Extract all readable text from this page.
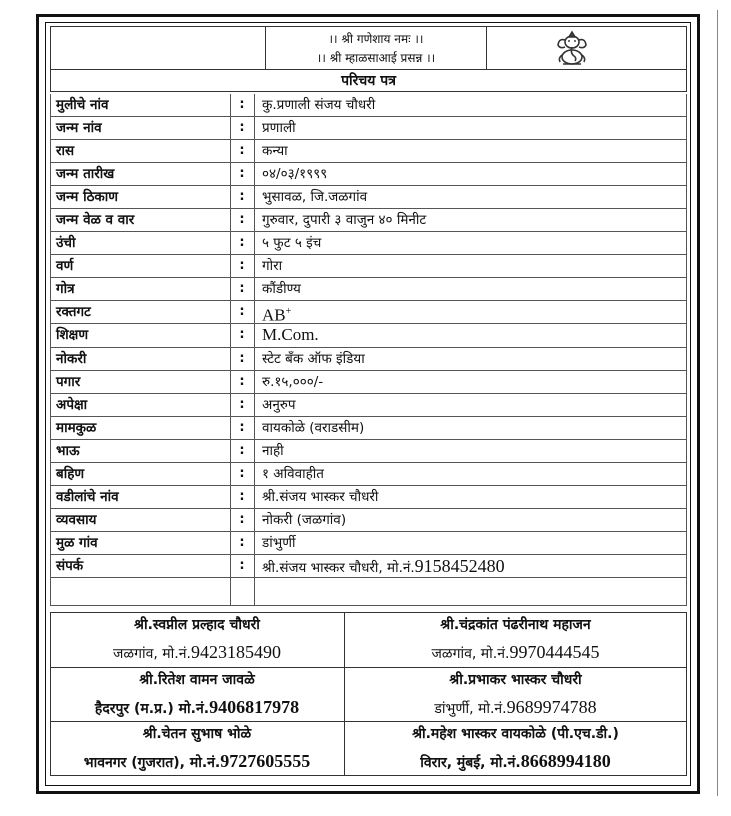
।। श्री गणेशाय नमः ।।
।। श्री म्हाळसाआई प्रसन्न ।।
परिचय पत्र
मुलीचे नांव	: कु.प्रणाली संजय चौधरी
जन्म नांव	: प्रणाली
रास	: कन्या
जन्म तारीख	: ०४/०३/१९९९
जन्म ठिकाण	: भुसावळ, जि.जळगांव
जन्म वेळ व वार	: गुरुवार, दुपारी ३ वाजुन ४० मिनीट
उंची	: ५ फुट ५ इंच
वर्ण	: गोरा
गोत्र	: कौंडीण्य
रक्तगट	: AB+
शिक्षण	: M.Com.
नोकरी	: स्टेट बँक ऑफ इंडिया
पगार	: रु.१५,०००/-
अपेक्षा	: अनुरुप
मामकुळ	: वायकोळे (वराडसीम)
भाऊ	: नाही
बहिण	: १ अविवाहीत
वडीलांचे नांव	: श्री.संजय भास्कर चौधरी
व्यवसाय	: नोकरी (जळगांव)
मुळ गांव	: डांभुर्णी
संपर्क	: श्री.संजय भास्कर चौधरी, मो.नं.9158452480
श्री.स्वप्नील प्रल्हाद चौधरी
जळगांव, मो.नं.9423185490
श्री.चंद्रकांत पंढरीनाथ महाजन
जळगांव, मो.नं.9970444545
श्री.रितेश वामन जावळे
हैदरपुर (म.प्र.) मो.नं.9406817978
श्री.प्रभाकर भास्कर चौधरी
डांभुर्णी, मो.नं.9689974788
श्री.चेतन सुभाष भोळे
भावनगर (गुजरात), मो.नं.9727605555
श्री.महेश भास्कर वायकोळे (पी.एच.डी.)
विरार, मुंबई, मो.नं.8668994180
